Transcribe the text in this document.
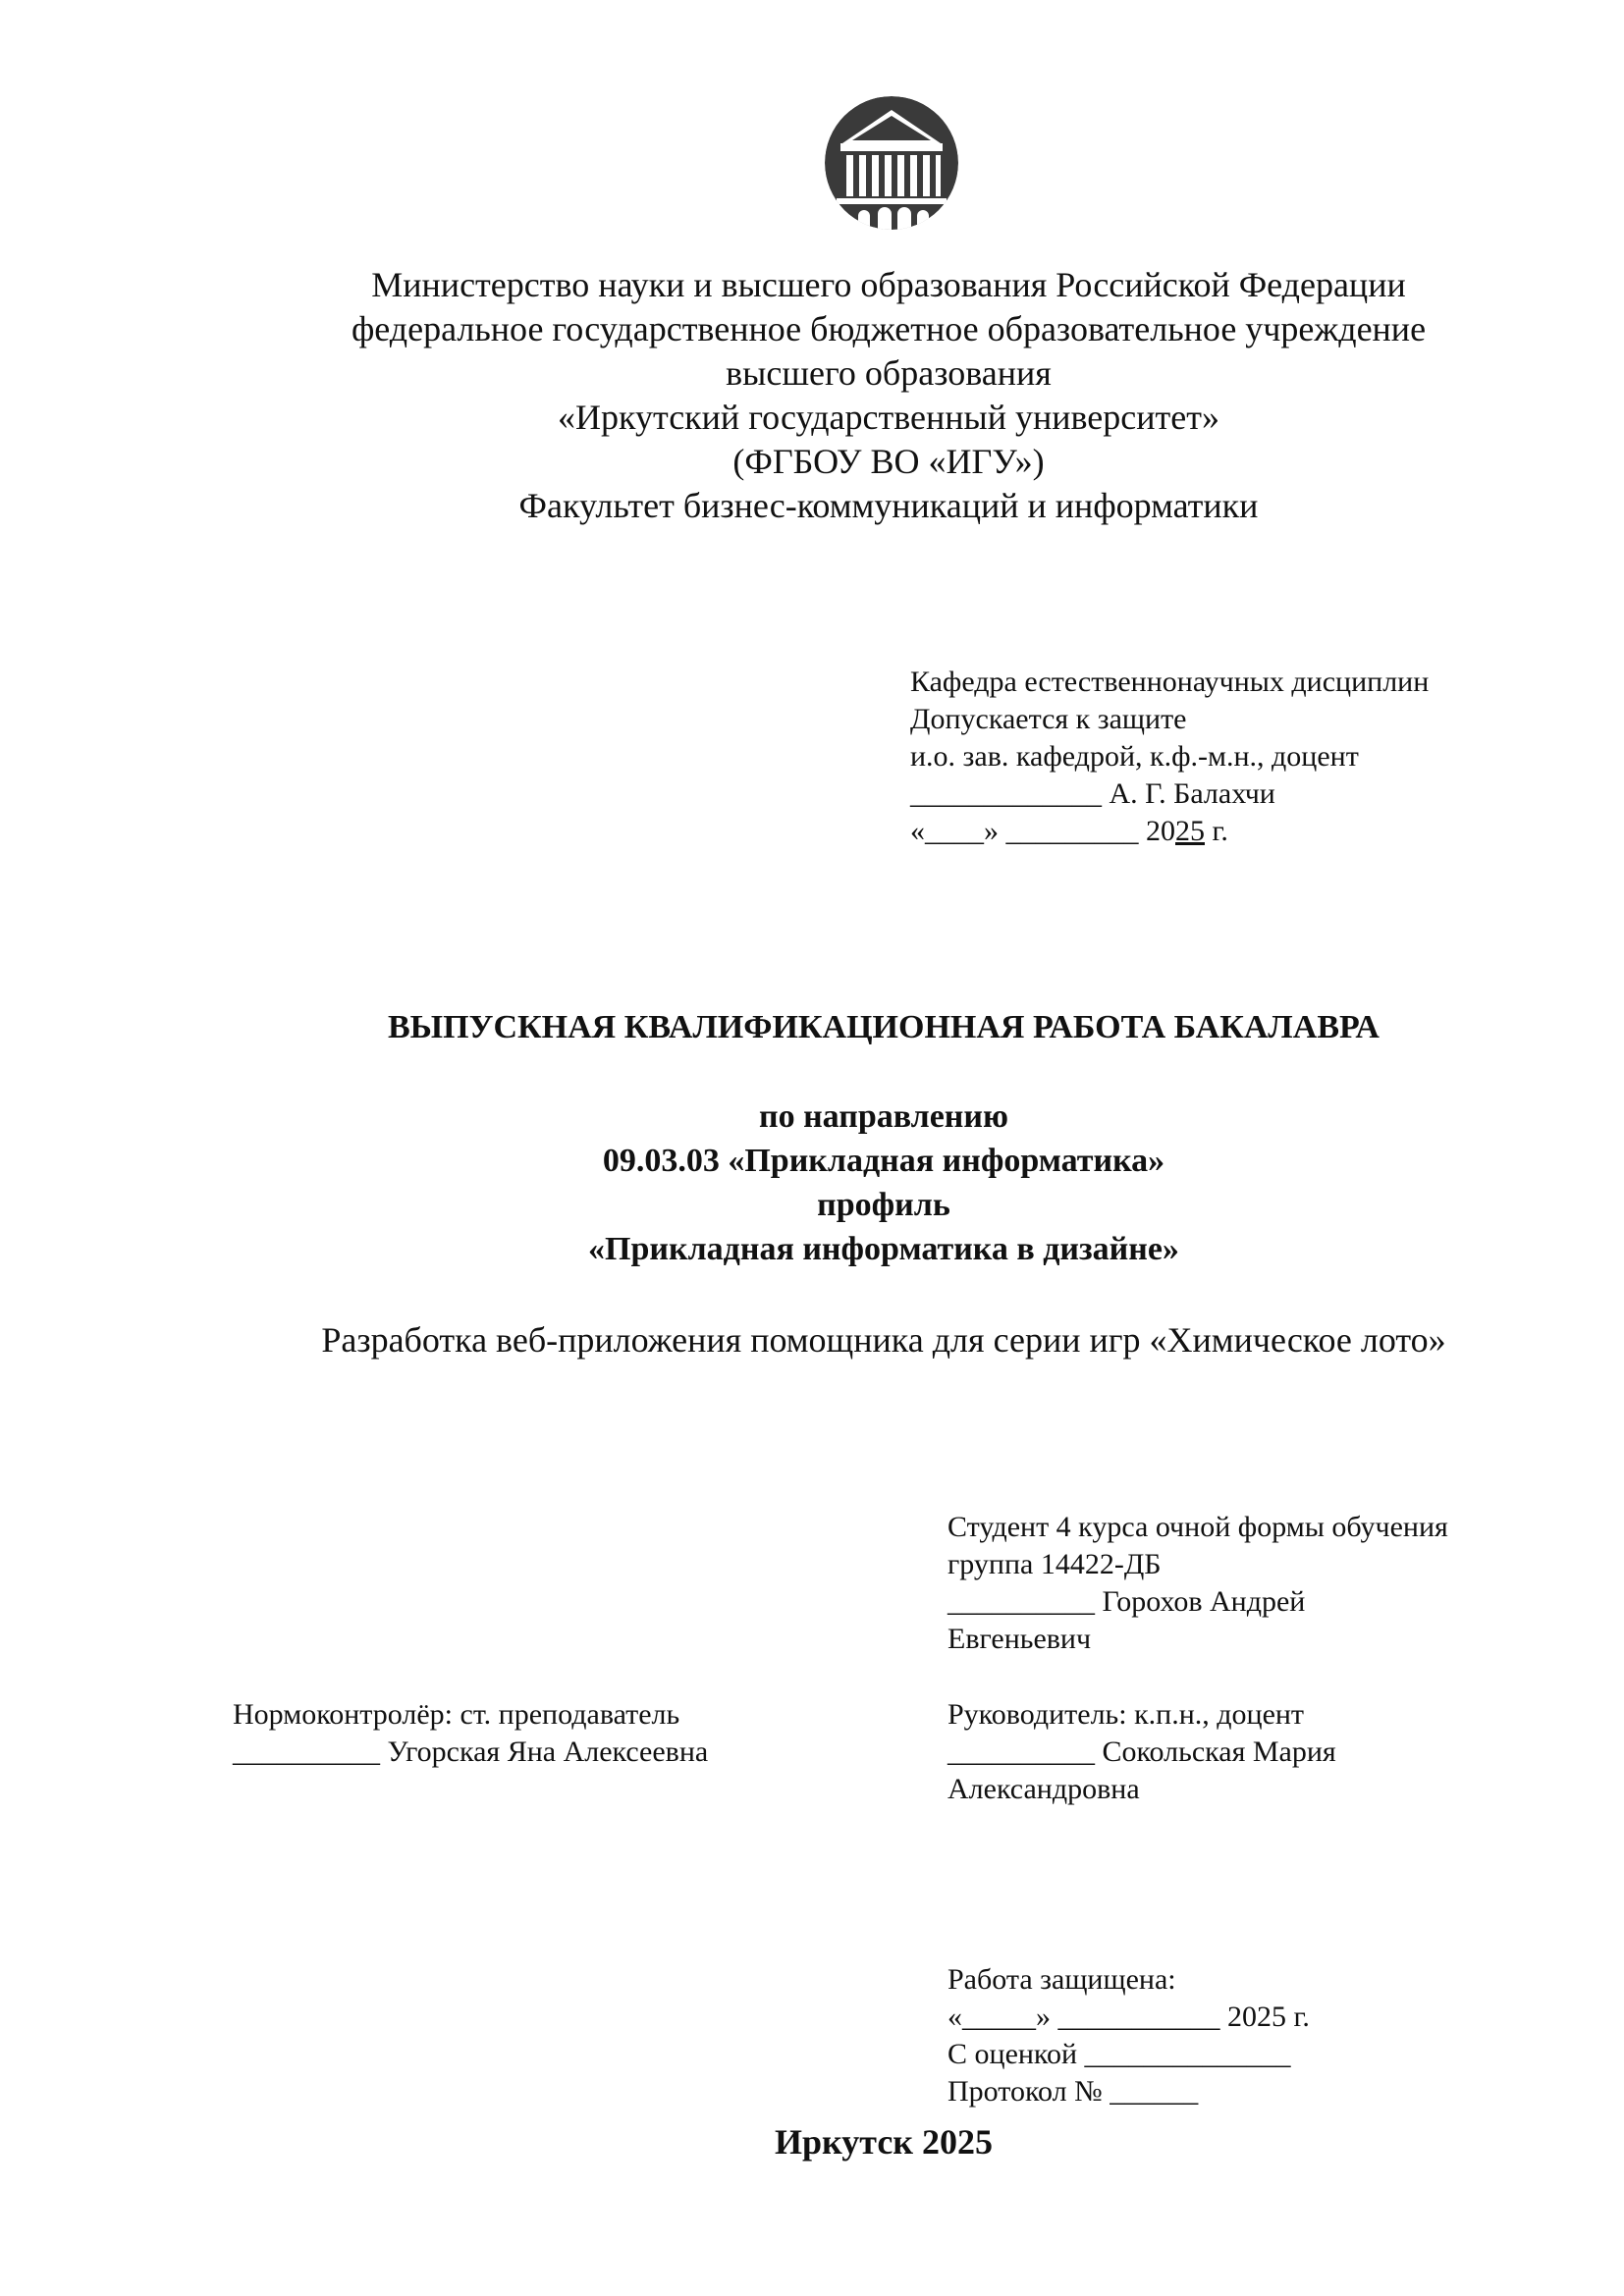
Министерство науки и высшего образования Российской Федерации
федеральное государственное бюджетное образовательное учреждение
высшего образования
«Иркутский государственный университет»
(ФГБОУ ВО «ИГУ»)
Факультет бизнес-коммуникаций и информатики
Кафедра естественнонаучных дисциплин
Допускается к защите
и.о. зав. кафедрой, к.ф.-м.н., доцент
_____________ А. Г. Балахчи
«____» _________ 2025 г.
ВЫПУСКНАЯ КВАЛИФИКАЦИОННАЯ РАБОТА БАКАЛАВРА
по направлению
09.03.03 «Прикладная информатика»
профиль
«Прикладная информатика в дизайне»
Разработка веб-приложения помощника для серии игр «Химическое лото»
Студент 4 курса очной формы обучения
группа 14422-ДБ
__________ Горохов Андрей
Евгеньевич
Нормоконтролёр: ст. преподаватель
__________ Угорская Яна Алексеевна
Руководитель: к.п.н., доцент
__________ Сокольская Мария
Александровна
Работа защищена:
«_____» ___________ 2025 г.
С оценкой ______________
Протокол № ______
Иркутск 2025
